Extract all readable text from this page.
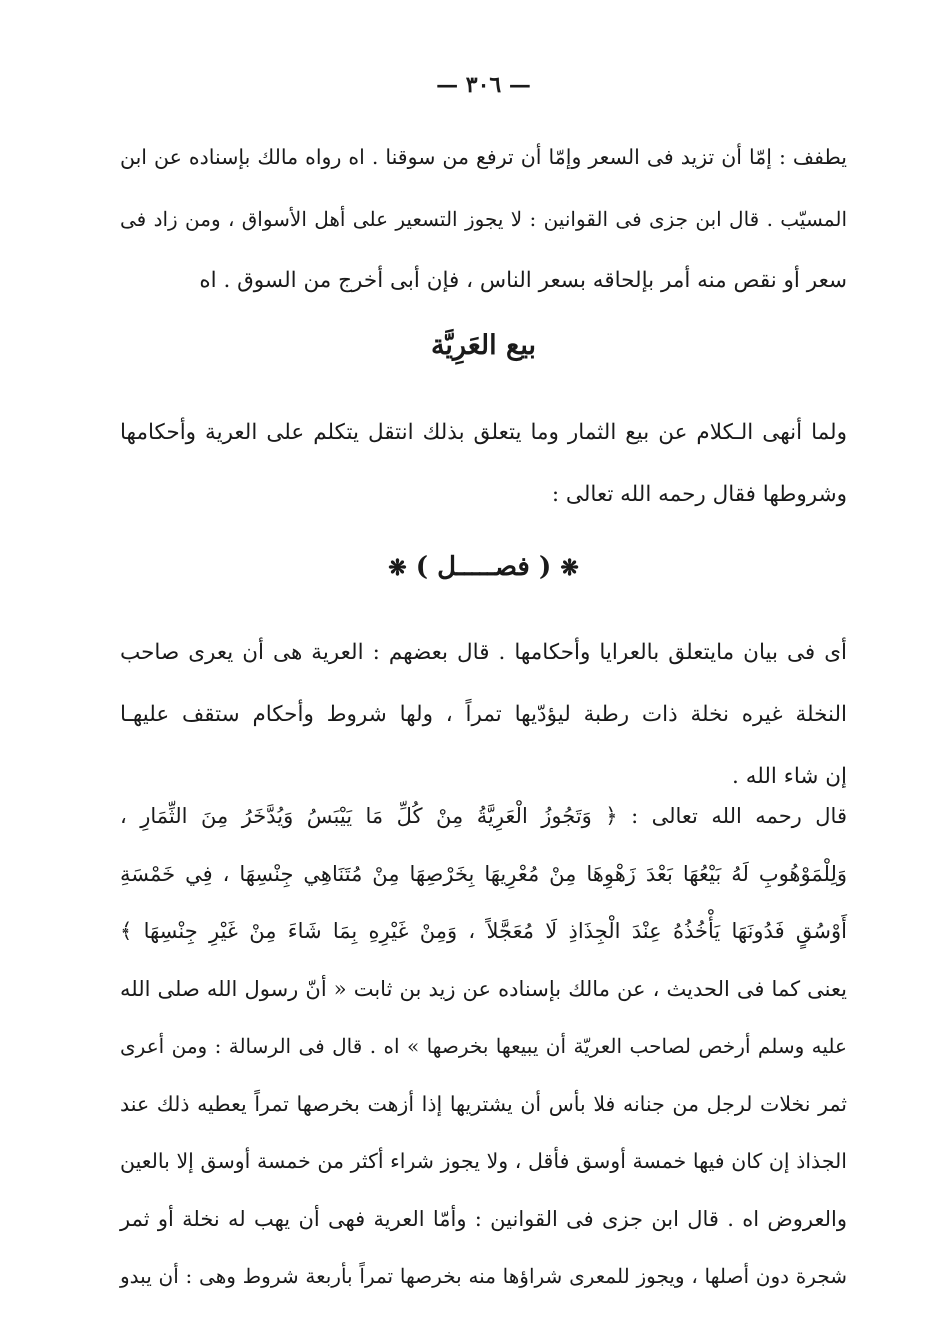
— ٣٠٦ —

يطفف : إمّا أن تزيد فى السعر وإمّا أن ترفع من سوقنا . اه رواه مالك بإسناده عن ابن
المسيّب . قال ابن جزى فى القوانين : لا يجوز التسعير على أهل الأسواق ، ومن زاد فى
سعر أو نقص منه أمر بإلحاقه بسعر الناس ، فإن أبى أخرج من السوق . اه

بيع العَرِيَّة

ولما أنهى الـكلام عن بيع الثمار وما يتعلق بذلك انتقل يتكلم على العرية وأحكامها
وشروطها فقال رحمه الله تعالى :

❋ ( فصـــــل ) ❋

أى فى بيان مايتعلق بالعرايا وأحكامها . قال بعضهم : العرية هى أن يعرى صاحب
النخلة غيره نخلة ذات رطبة ليؤدّيها تمراً ، ولها شروط وأحكام ستقف عليهـا
إن شاء الله .

قال رحمه الله تعالى : ﴿ وَتَجُوزُ الْعَرِيَّةُ مِنْ كُلِّ مَا يَيْبَسُ وَيُدَّخَرُ مِنَ الثِّمَارِ ،
وَلِلْمَوْهُوبِ لَهُ بَيْعُهَا بَعْدَ زَهْوِهَا مِنْ مُعْرِيهَا بِخَرْصِهَا مِنْ مُتَنَاهِي جِنْسِهَا ، فِي خَمْسَةِ
أَوْسُقٍ فَدُونَهَا يَأْخُذُهُ عِنْدَ الْجِذَاذِ لَا مُعَجَّلاً ، وَمِنْ غَيْرِهِ بِمَا شَاءَ مِنْ غَيْرِ جِنْسِهَا ﴾
يعنى كما فى الحديث ، عن مالك بإسناده عن زيد بن ثابت « أنّ رسول الله صلى الله
عليه وسلم أرخص لصاحب العريّة أن يبيعها بخرصها » اه . قال فى الرسالة : ومن أعرى
ثمر نخلات لرجل من جنانه فلا بأس أن يشتريها إذا أزهت بخرصها تمراً يعطيه ذلك عند
الجذاذ إن كان فيها خمسة أوسق فأقل ، ولا يجوز شراء أكثر من خمسة أوسق إلا بالعين
والعروض اه . قال ابن جزى فى القوانين : وأمّا العرية فهى أن يهب له نخلة أو ثمر
شجرة دون أصلها ، ويجوز للمعرى شراؤها منه بخرصها تمراً بأربعة شروط وهى : أن يبدو
